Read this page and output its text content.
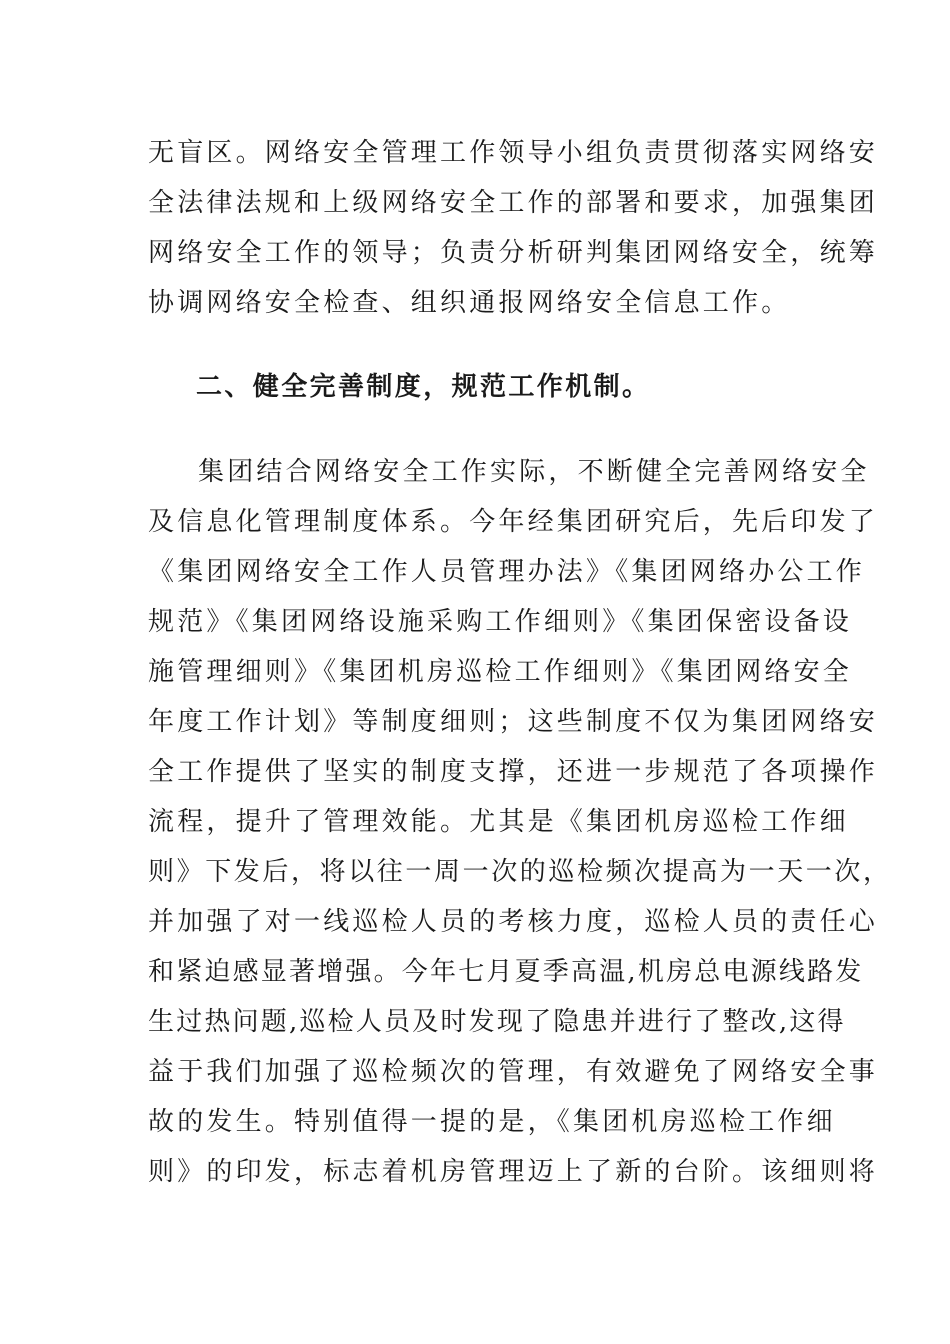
无盲区。网络安全管理工作领导小组负责贯彻落实网络安
全法律法规和上级网络安全工作的部署和要求，加强集团
网络安全工作的领导；负责分析研判集团网络安全，统筹
协调网络安全检查、组织通报网络安全信息工作。
二、健全完善制度，规范工作机制。
集团结合网络安全工作实际，不断健全完善网络安全
及信息化管理制度体系。今年经集团研究后，先后印发了
《集团网络安全工作人员管理办法》《集团网络办公工作
规范》《集团网络设施采购工作细则》《集团保密设备设
施管理细则》《集团机房巡检工作细则》《集团网络安全
年度工作计划》等制度细则；这些制度不仅为集团网络安
全工作提供了坚实的制度支撑，还进一步规范了各项操作
流程，提升了管理效能。尤其是《集团机房巡检工作细
则》下发后，将以往一周一次的巡检频次提高为一天一次，
并加强了对一线巡检人员的考核力度，巡检人员的责任心
和紧迫感显著增强。今年七月夏季高温,机房总电源线路发
生过热问题,巡检人员及时发现了隐患并进行了整改,这得
益于我们加强了巡检频次的管理，有效避免了网络安全事
故的发生。特别值得一提的是，《集团机房巡检工作细
则》的印发，标志着机房管理迈上了新的台阶。该细则将
